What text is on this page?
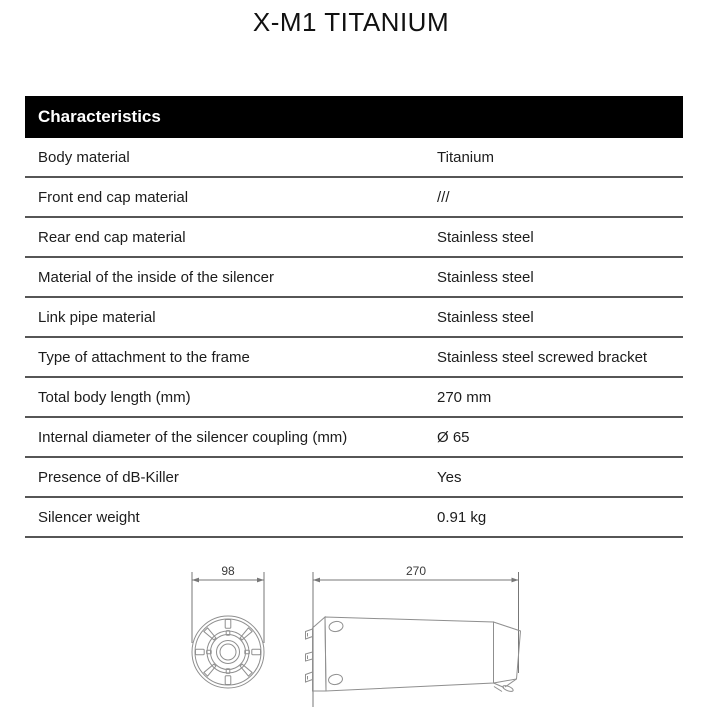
X-M1 TITANIUM
Characteristics
Body material	Titanium
Front end cap material	///
Rear end cap material	Stainless steel
Material of the inside of the silencer	Stainless steel
Link pipe material	Stainless steel
Type of attachment to the frame	Stainless steel screwed bracket
Total body length (mm)	270 mm
Internal diameter of the silencer coupling (mm)	Ø 65
Presence of dB-Killer	Yes
Silencer weight	0.91 kg
98	270
